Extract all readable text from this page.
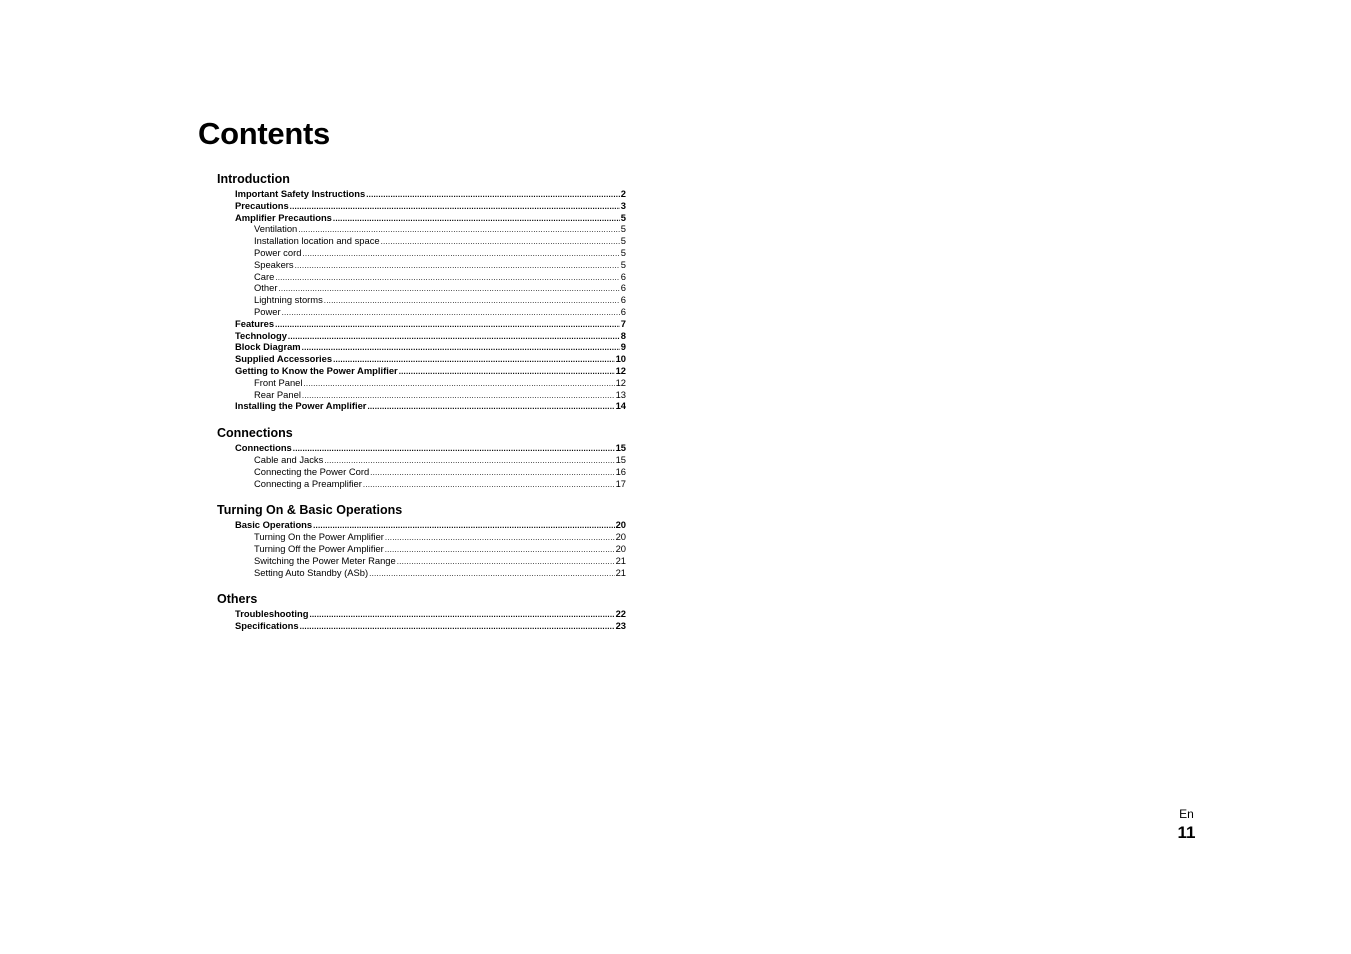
Contents
Introduction
Important Safety Instructions .....	2
Precautions .....	3
Amplifier Precautions .....	5
Ventilation .....	5
Installation location and space .....	5
Power cord .....	5
Speakers .....	5
Care .....	6
Other .....	6
Lightning storms .....	6
Power .....	6
Features .....	7
Technology .....	8
Block Diagram .....	9
Supplied Accessories .....	10
Getting to Know the Power Amplifier .....	12
Front Panel .....	12
Rear Panel .....	13
Installing the Power Amplifier .....	14
Connections
Connections .....	15
Cable and Jacks .....	15
Connecting the Power Cord .....	16
Connecting a Preamplifier .....	17
Turning On & Basic Operations
Basic Operations .....	20
Turning On the Power Amplifier .....	20
Turning Off the Power Amplifier .....	20
Switching the Power Meter Range .....	21
Setting Auto Standby (ASb) .....	21
Others
Troubleshooting .....	22
Specifications .....	23
En
11
